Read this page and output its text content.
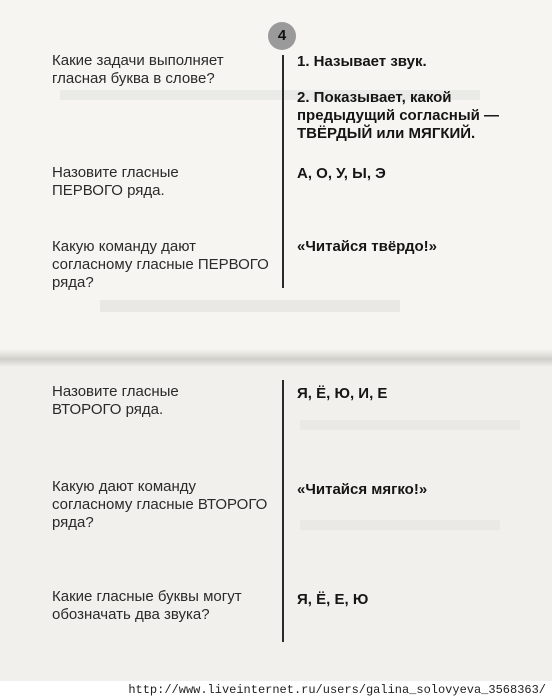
4
Какие задачи выполняет гласная буква в слове?
1. Называет звук.
2. Показывает, какой предыдущий согласный — ТВЁРДЫЙ или МЯГКИЙ.
Назовите гласные ПЕРВОГО ряда.
А, О, У, Ы, Э
Какую команду дают согласному гласные ПЕРВОГО ряда?
«Читайся твёрдо!»
Назовите гласные ВТОРОГО ряда.
Я, Ё, Ю, И, Е
Какую дают команду согласному гласные ВТОРОГО ряда?
«Читайся мягко!»
Какие гласные буквы могут обозначать два звука?
Я, Ё, Е, Ю
http://www.liveinternet.ru/users/galina_solovyeva_3568363/
